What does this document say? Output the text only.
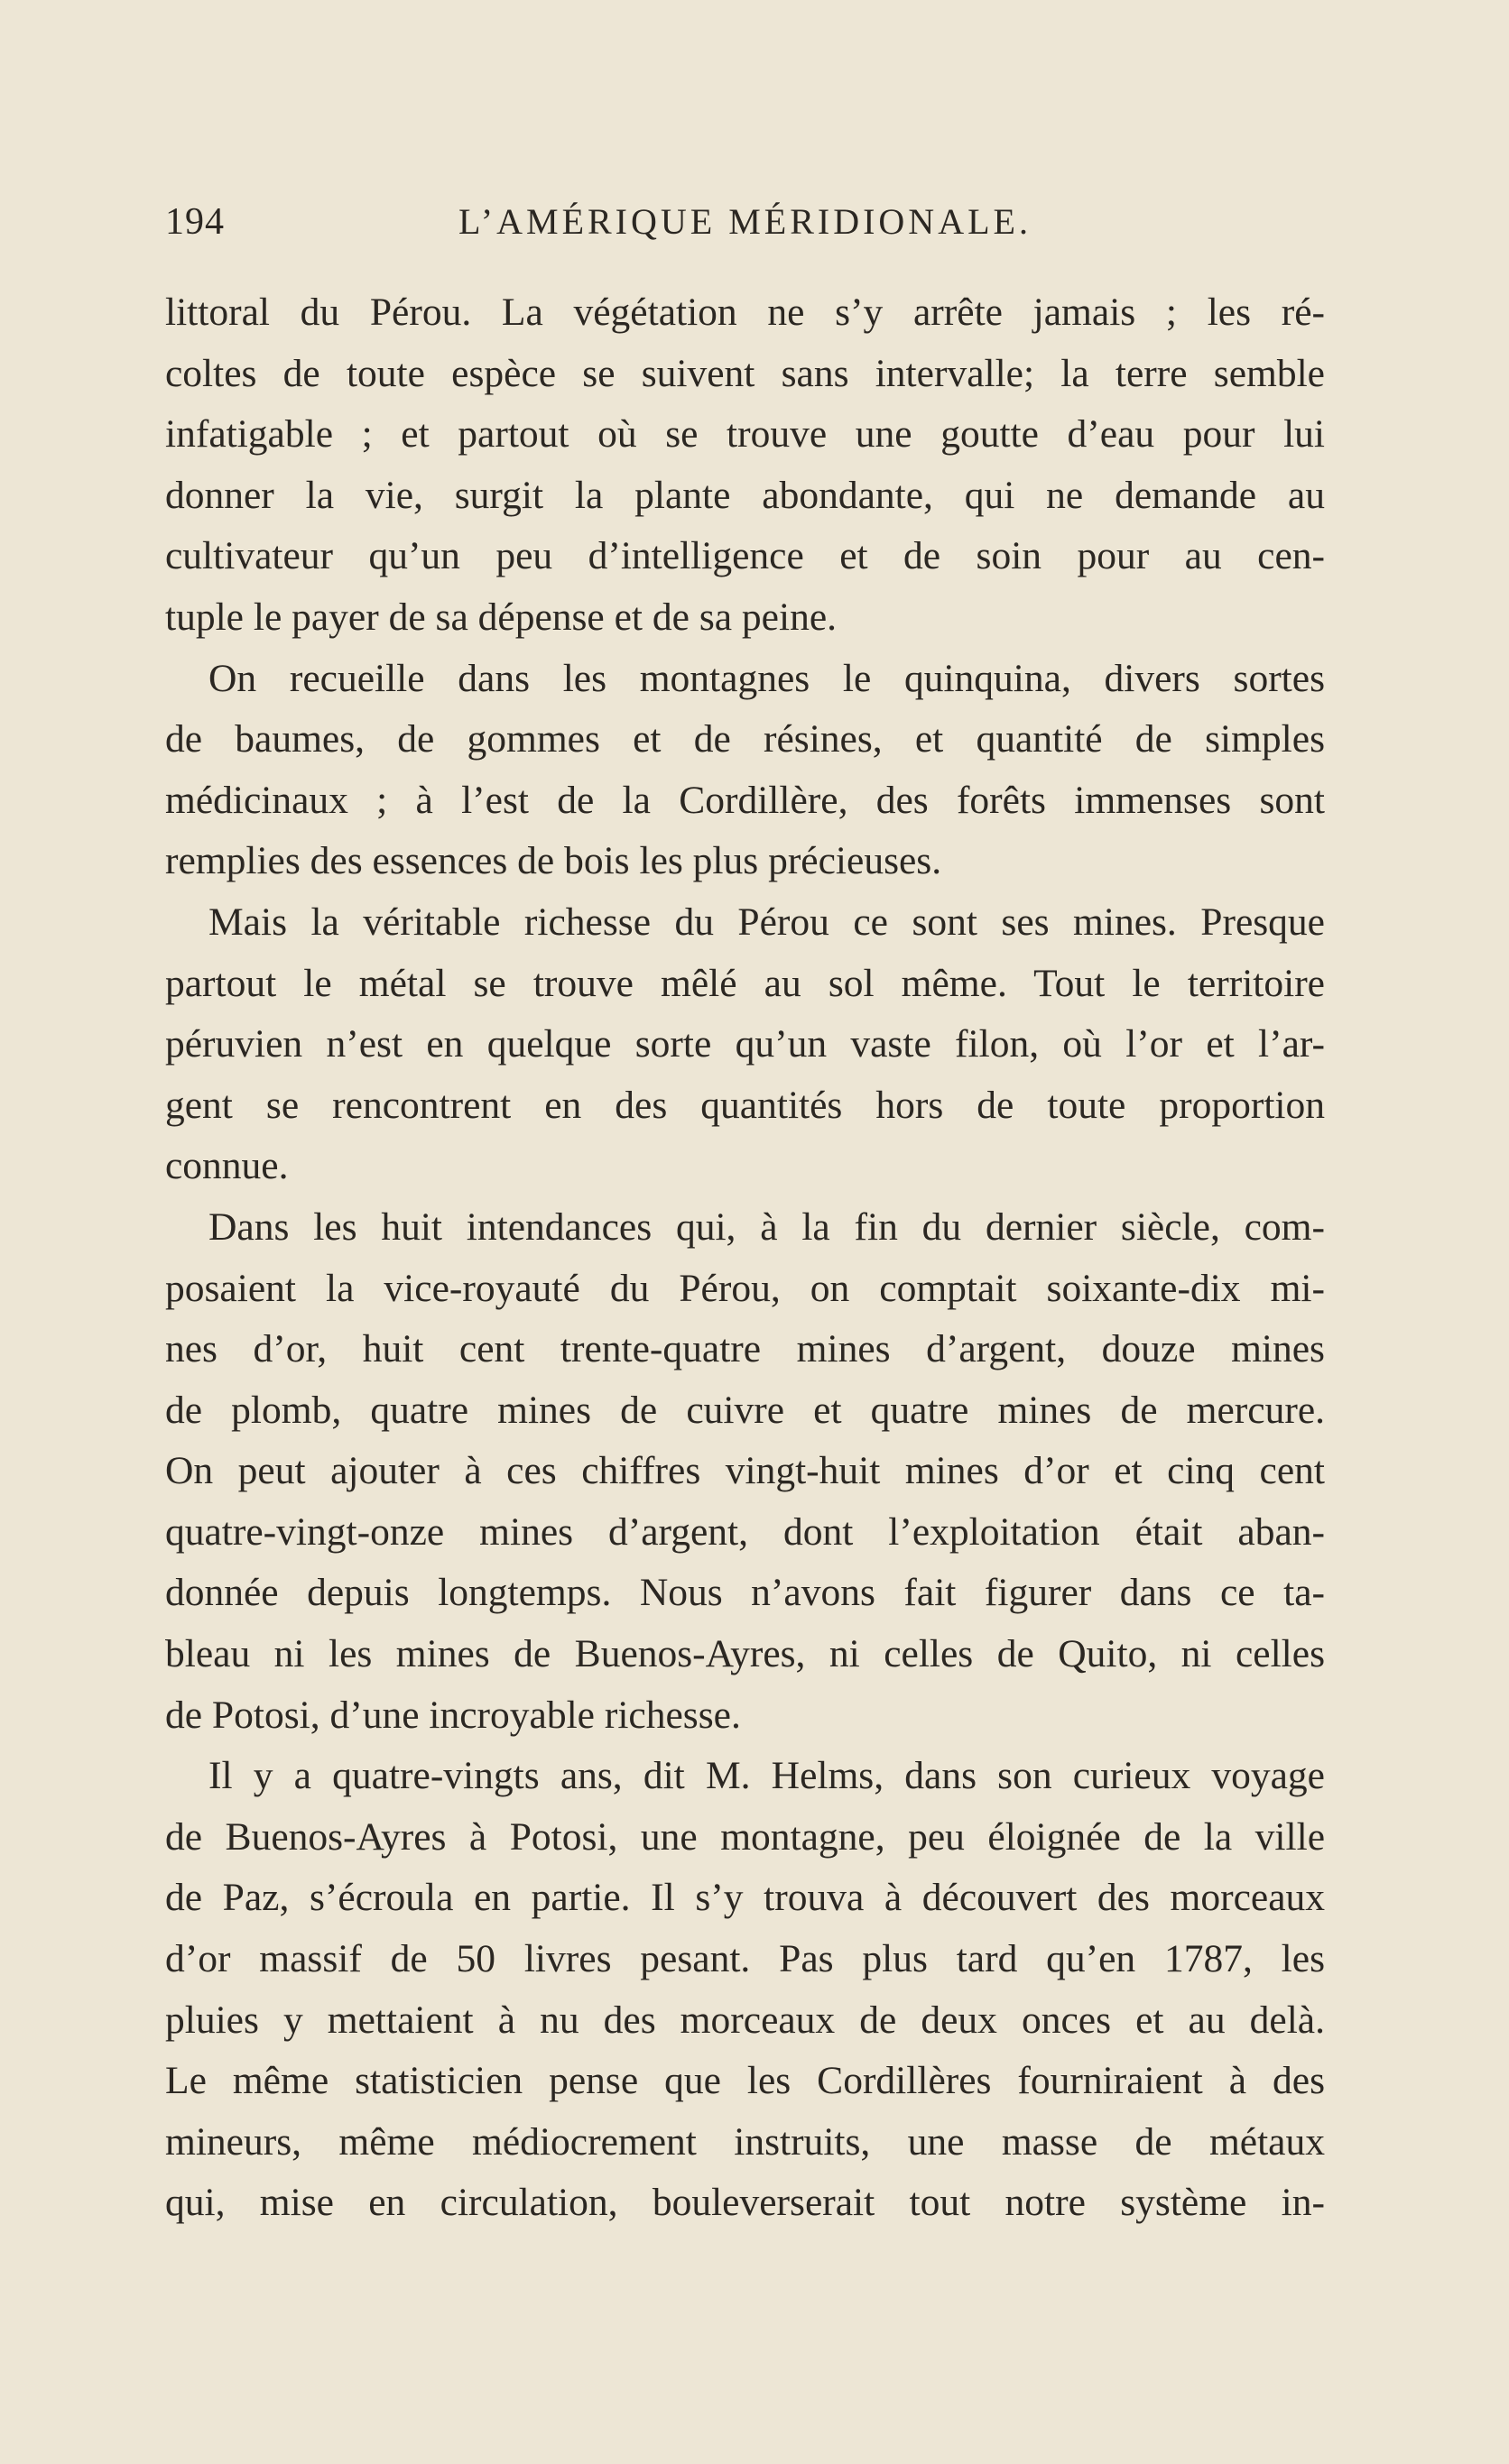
194	L’AMÉRIQUE MÉRIDIONALE.
littoral du Pérou. La végétation ne s’y arrête jamais ; les ré-
coltes de toute espèce se suivent sans intervalle; la terre semble
infatigable ; et partout où se trouve une goutte d’eau pour lui
donner la vie, surgit la plante abondante, qui ne demande au
cultivateur qu’un peu d’intelligence et de soin pour au cen-
tuple le payer de sa dépense et de sa peine.
On recueille dans les montagnes le quinquina, divers sortes
de baumes, de gommes et de résines, et quantité de simples
médicinaux ; à l’est de la Cordillère, des forêts immenses sont
remplies des essences de bois les plus précieuses.
Mais la véritable richesse du Pérou ce sont ses mines. Presque
partout le métal se trouve mêlé au sol même. Tout le territoire
péruvien n’est en quelque sorte qu’un vaste filon, où l’or et l’ar-
gent se rencontrent en des quantités hors de toute proportion
connue.
Dans les huit intendances qui, à la fin du dernier siècle, com-
posaient la vice-royauté du Pérou, on comptait soixante-dix mi-
nes d’or, huit cent trente-quatre mines d’argent, douze mines
de plomb, quatre mines de cuivre et quatre mines de mercure.
On peut ajouter à ces chiffres vingt-huit mines d’or et cinq cent
quatre-vingt-onze mines d’argent, dont l’exploitation était aban-
donnée depuis longtemps. Nous n’avons fait figurer dans ce ta-
bleau ni les mines de Buenos-Ayres, ni celles de Quito, ni celles
de Potosi, d’une incroyable richesse.
Il y a quatre-vingts ans, dit M. Helms, dans son curieux voyage
de Buenos-Ayres à Potosi, une montagne, peu éloignée de la ville
de Paz, s’écroula en partie. Il s’y trouva à découvert des morceaux
d’or massif de 50 livres pesant. Pas plus tard qu’en 1787, les
pluies y mettaient à nu des morceaux de deux onces et au delà.
Le même statisticien pense que les Cordillères fourniraient à des
mineurs, même médiocrement instruits, une masse de métaux
qui, mise en circulation, bouleverserait tout notre système in-
